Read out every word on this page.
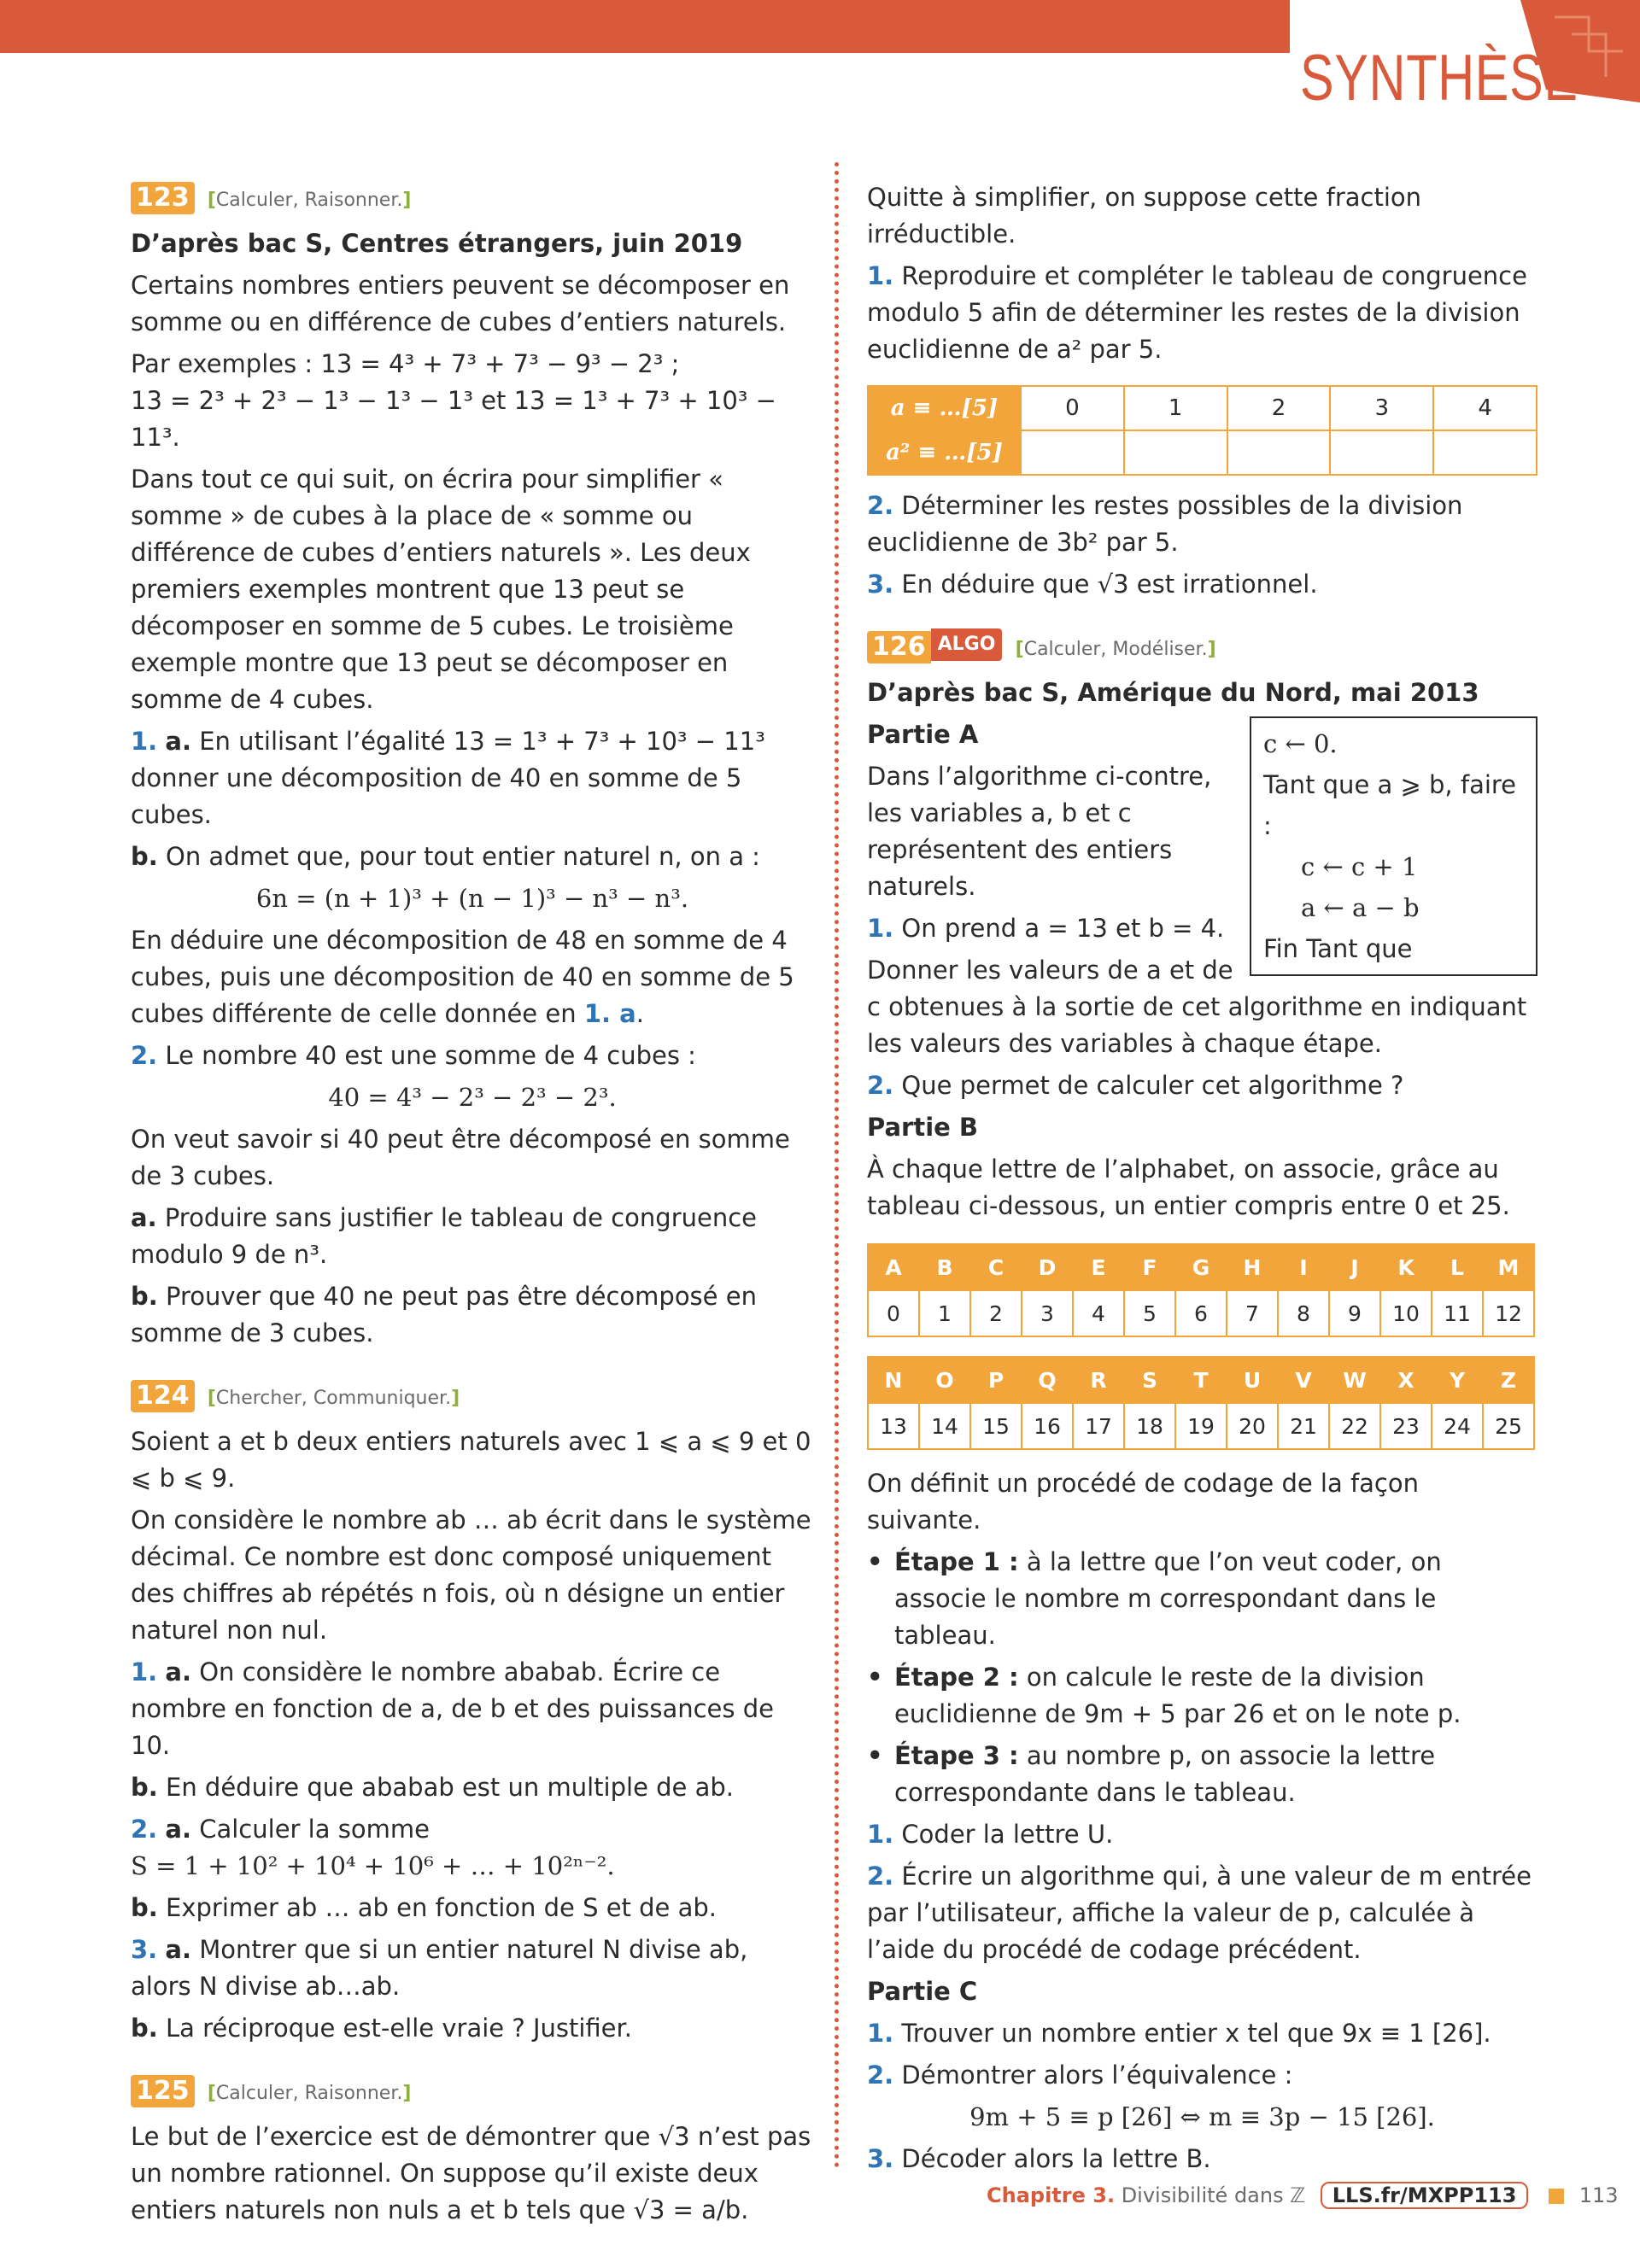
SYNTHÈSE
123 [Calculer, Raisonner.]

D’après bac S, Centres étrangers, juin 2019

Certains nombres entiers peuvent se décomposer en somme ou en différence de cubes d’entiers naturels.

Par exemples : 13 = 4³ + 7³ + 7³ − 9³ − 2³ ;

13 = 2³ + 2³ − 1³ − 1³ − 1³ et 13 = 1³ + 7³ + 10³ − 11³.

Dans tout ce qui suit, on écrira pour simplifier « somme » de cubes à la place de « somme ou différence de cubes d’entiers naturels ». Les deux premiers exemples montrent que 13 peut se décomposer en somme de 5 cubes. Le troisième exemple montre que 13 peut se décomposer en somme de 4 cubes.

1. a. En utilisant l’égalité 13 = 1³ + 7³ + 10³ − 11³ donner une décomposition de 40 en somme de 5 cubes.

b. On admet que, pour tout entier naturel n, on a :

6n = (n + 1)³ + (n − 1)³ − n³ − n³.

En déduire une décomposition de 48 en somme de 4 cubes, puis une décomposition de 40 en somme de 5 cubes différente de celle donnée en 1. a.

2. Le nombre 40 est une somme de 4 cubes :

40 = 4³ − 2³ − 2³ − 2³.

On veut savoir si 40 peut être décomposé en somme de 3 cubes.

a. Produire sans justifier le tableau de congruence modulo 9 de n³.

b. Prouver que 40 ne peut pas être décomposé en somme de 3 cubes.

124 [Chercher, Communiquer.]

Soient a et b deux entiers naturels avec 1 ⩽ a ⩽ 9 et 0 ⩽ b ⩽ 9.

On considère le nombre ab … ab écrit dans le système décimal. Ce nombre est donc composé uniquement des chiffres ab répétés n fois, où n désigne un entier naturel non nul.

1. a. On considère le nombre ababab. Écrire ce nombre en fonction de a, de b et des puissances de 10.

b. En déduire que ababab est un multiple de ab.

2. a. Calculer la somme

S = 1 + 10² + 10⁴ + 10⁶ + … + 10²ⁿ⁻².

b. Exprimer ab … ab en fonction de S et de ab.

3. a. Montrer que si un entier naturel N divise ab, alors N divise ab…ab.

b. La réciproque est-elle vraie ? Justifier.

125 [Calculer, Raisonner.]

Le but de l’exercice est de démontrer que √3 n’est pas un nombre rationnel. On suppose qu’il existe deux entiers naturels non nuls a et b tels que √3 = a/b.

Quitte à simplifier, on suppose cette fraction irréductible.

1. Reproduire et compléter le tableau de congruence modulo 5 afin de déterminer les restes de la division euclidienne de a² par 5.

a ≡ …[5]	0	1	2	3	4
a² ≡ …[5]					

2. Déterminer les restes possibles de la division euclidienne de 3b² par 5.

3. En déduire que √3 est irrationnel.

126 ALGO [Calculer, Modéliser.]

D’après bac S, Amérique du Nord, mai 2013

c ← 0.
Tant que a ⩾ b, faire :
c ← c + 1
a ← a − b
Fin Tant que

Partie A

Dans l’algorithme ci-contre, les variables a, b et c représentent des entiers naturels.

1. On prend a = 13 et b = 4.

Donner les valeurs de a et de c obtenues à la sortie de cet algorithme en indiquant les valeurs des variables à chaque étape.

2. Que permet de calculer cet algorithme ?

Partie B

À chaque lettre de l’alphabet, on associe, grâce au tableau ci-dessous, un entier compris entre 0 et 25.

A	B	C	D	E	F	G	H	I	J	K	L	M
0	1	2	3	4	5	6	7	8	9	10	11	12
N	O	P	Q	R	S	T	U	V	W	X	Y	Z
13	14	15	16	17	18	19	20	21	22	23	24	25

On définit un procédé de codage de la façon suivante.

• Étape 1 : à la lettre que l’on veut coder, on associe le nombre m correspondant dans le tableau.

• Étape 2 : on calcule le reste de la division euclidienne de 9m + 5 par 26 et on le note p.

• Étape 3 : au nombre p, on associe la lettre correspondante dans le tableau.

1. Coder la lettre U.

2. Écrire un algorithme qui, à une valeur de m entrée par l’utilisateur, affiche la valeur de p, calculée à l’aide du procédé de codage précédent.

Partie C

1. Trouver un nombre entier x tel que 9x ≡ 1 [26].

2. Démontrer alors l’équivalence :

9m + 5 ≡ p [26] ⇔ m ≡ 3p − 15 [26].

3. Décoder alors la lettre B.

Chapitre 3. Divisibilité dans ℤ LLS.fr/MXPP113	113
